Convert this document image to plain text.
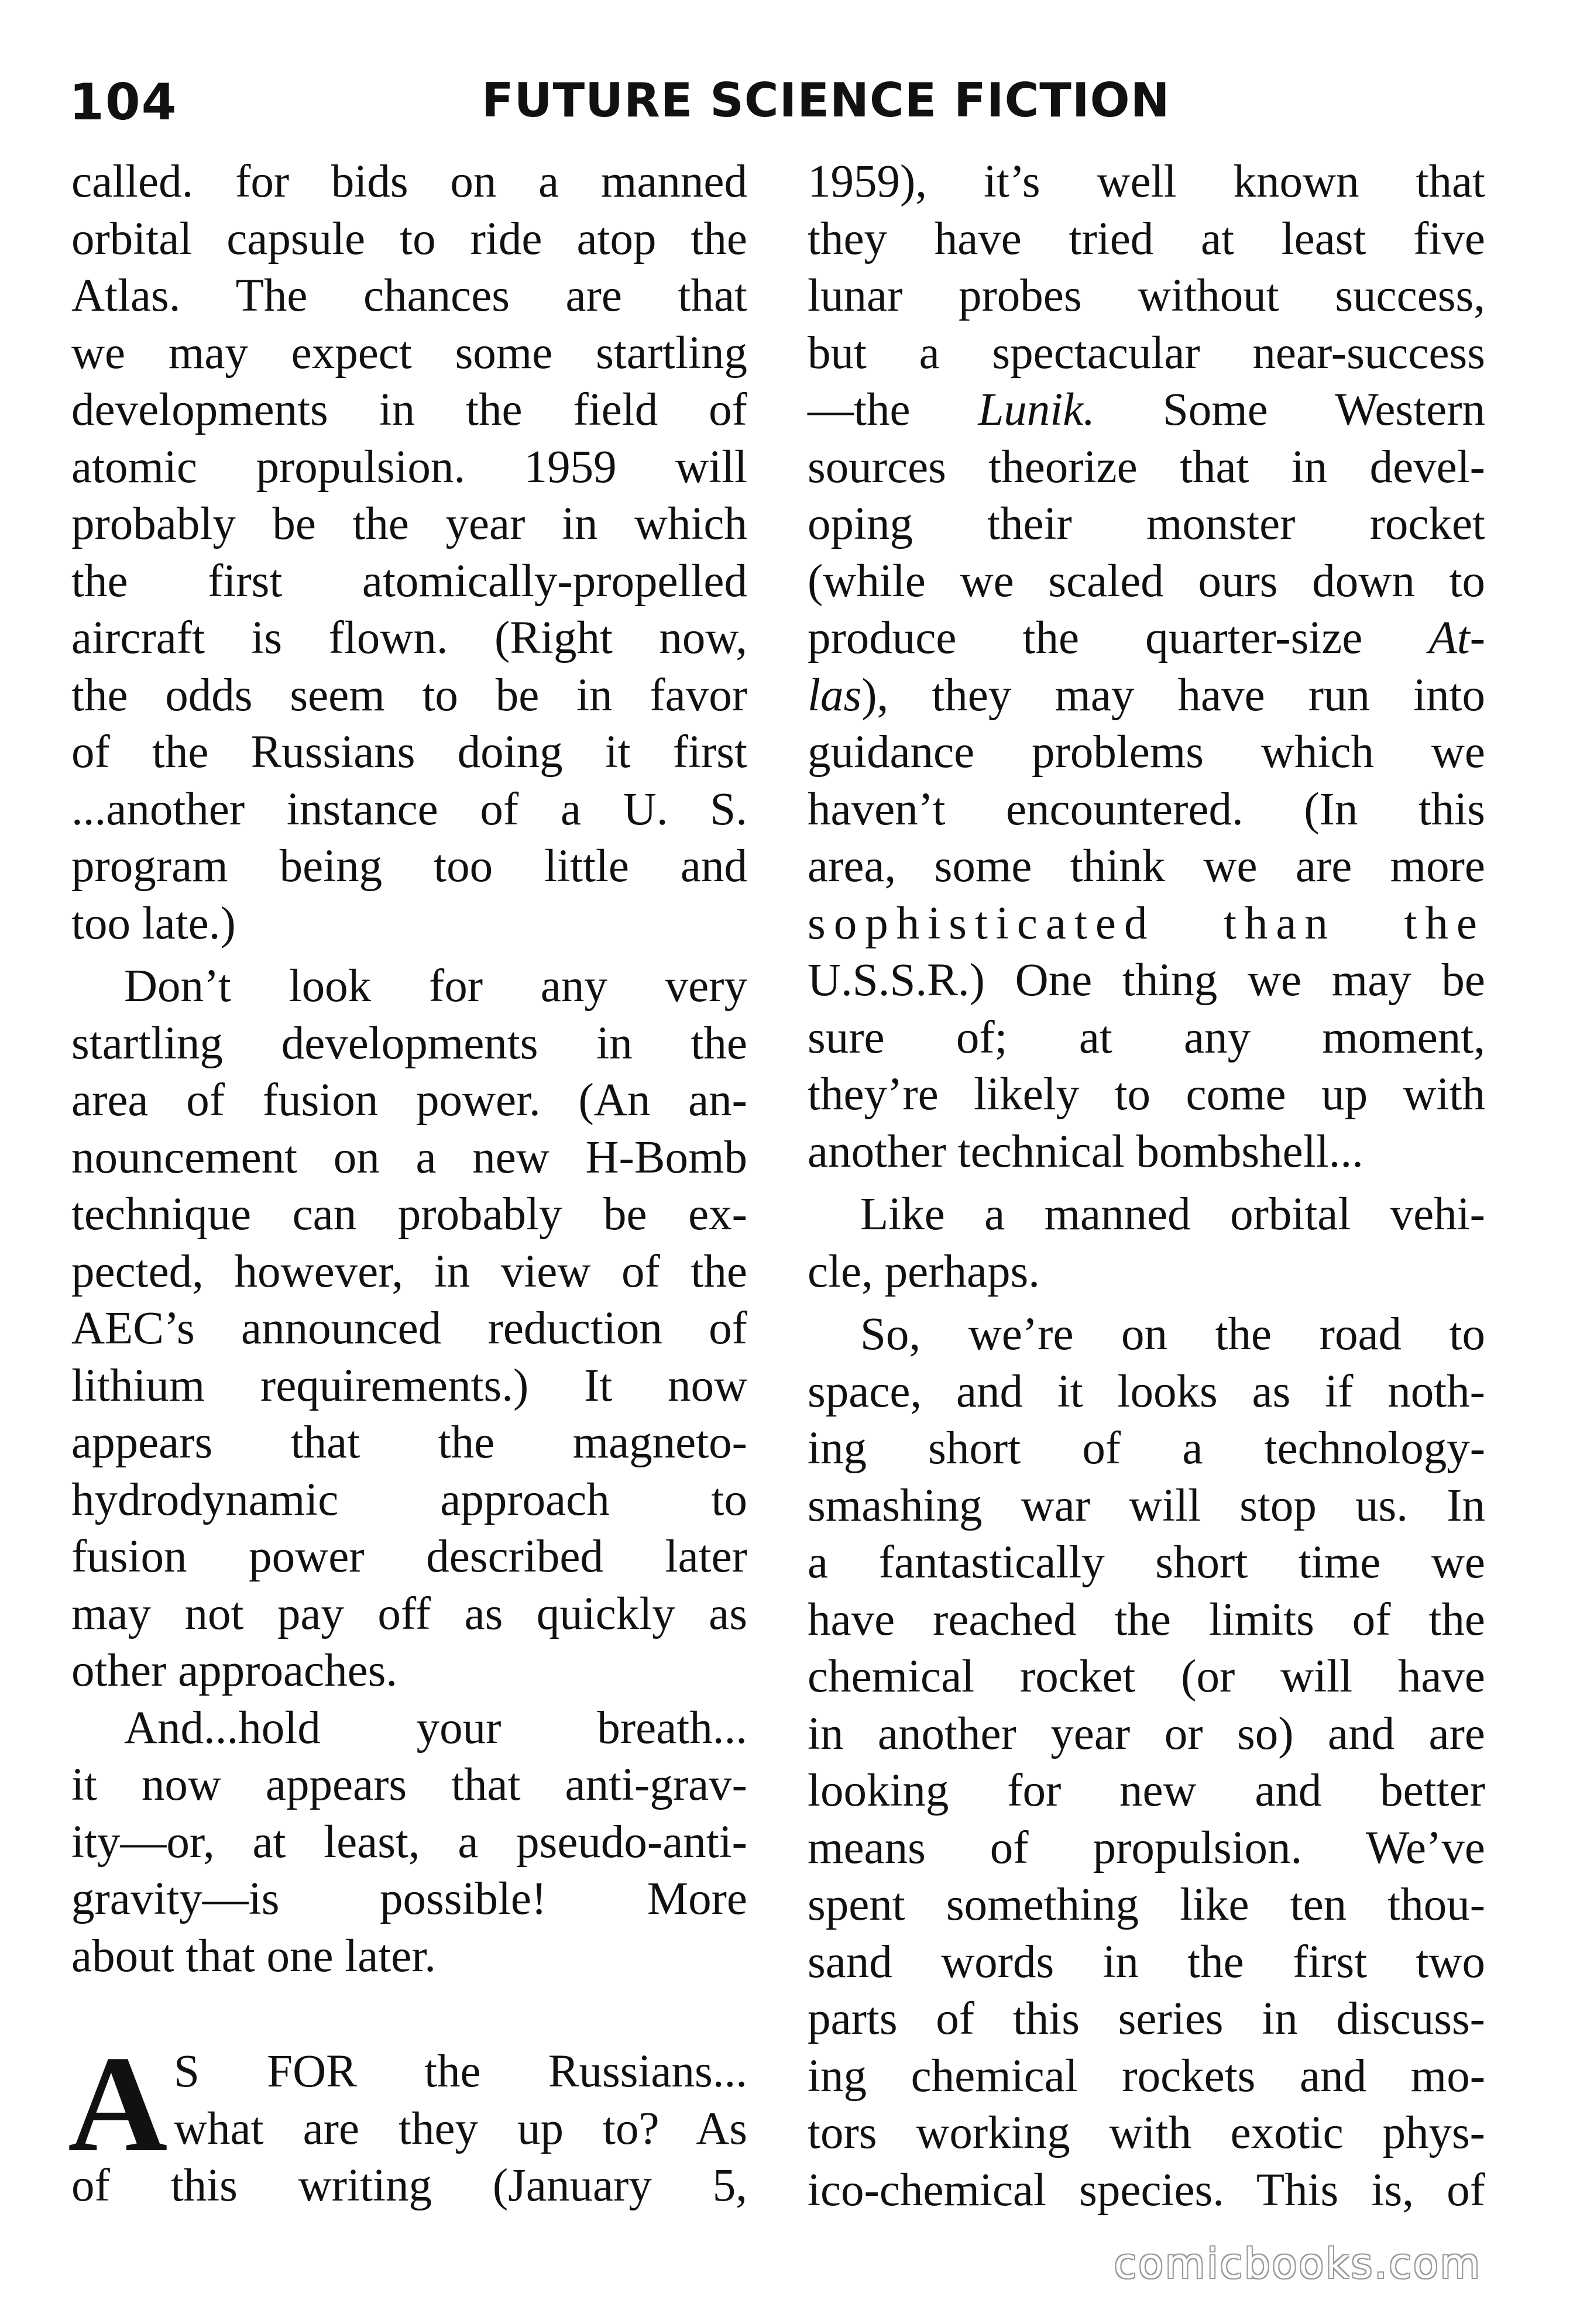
104	FUTURE SCIENCE FICTION
called. for bids on a manned
orbital capsule to ride atop the
Atlas. The chances are that
we may expect some startling
developments in the field of
atomic propulsion. 1959 will
probably be the year in which
the first atomically-propelled
aircraft is flown. (Right now,
the odds seem to be in favor
of the Russians doing it first
...another instance of a U. S.
program being too little and
too late.)
Don’t look for any very
startling developments in the
area of fusion power. (An an-
nouncement on a new H-Bomb
technique can probably be ex-
pected, however, in view of the
AEC’s announced reduction of
lithium requirements.) It now
appears that the magneto-
hydrodynamic approach to
fusion power described later
may not pay off as quickly as
other approaches.
And...hold your breath...
it now appears that anti-grav-
ity—or, at least, a pseudo-anti-
gravity—is possible! More
about that one later.
A S FOR the Russians...
what are they up to? As
of this writing (January 5,
1959), it’s well known that
they have tried at least five
lunar probes without success,
but a spectacular near-success
—the Lunik. Some Western
sources theorize that in devel-
oping their monster rocket
(while we scaled ours down to
produce the quarter-size At-
las), they may have run into
guidance problems which we
haven’t encountered. (In this
area, some think we are more
sophisticated than the
U.S.S.R.) One thing we may be
sure of; at any moment,
they’re likely to come up with
another technical bombshell...
Like a manned orbital vehi-
cle, perhaps.
So, we’re on the road to
space, and it looks as if noth-
ing short of a technology-
smashing war will stop us. In
a fantastically short time we
have reached the limits of the
chemical rocket (or will have
in another year or so) and are
looking for new and better
means of propulsion. We’ve
spent something like ten thou-
sand words in the first two
parts of this series in discuss-
ing chemical rockets and mo-
tors working with exotic phys-
ico-chemical species. This is, of
comicbooks.com
